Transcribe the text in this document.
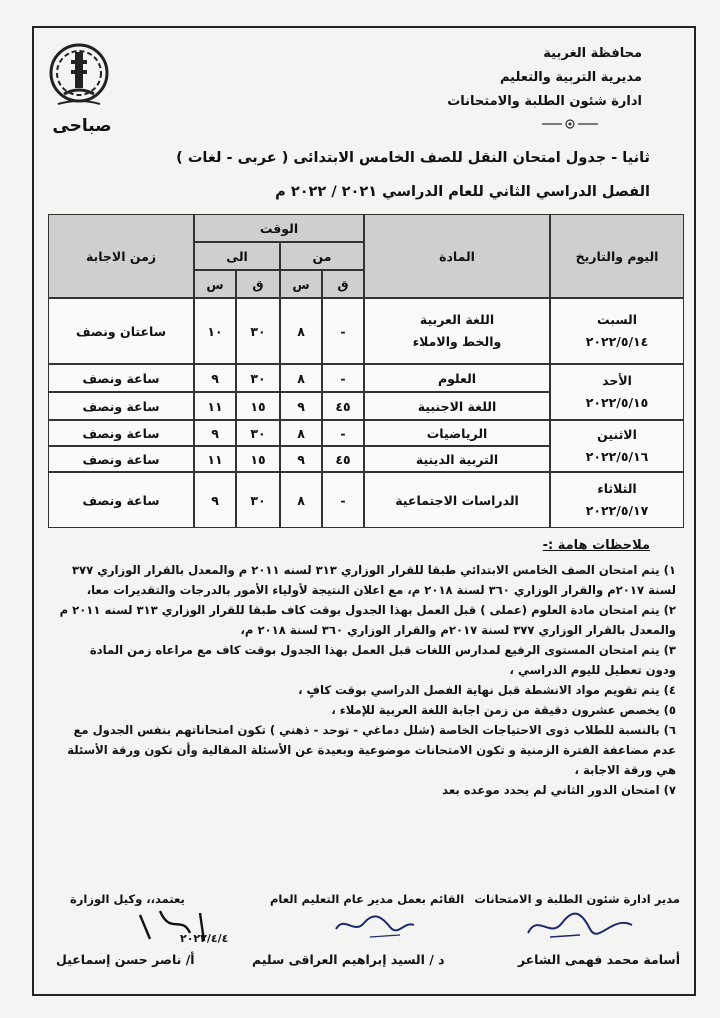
صباحى
محافظة الغربية
مديرية التربية والتعليم
ادارة شئون الطلبة والامتحانات
ثانيا - جدول امتحان النقل للصف الخامس الابتدائى ( عربى - لغات )
الفصل الدراسي الثاني للعام الدراسي ٢٠٢١ / ٢٠٢٢ م
اليوم والتاريخ
المادة
الوقت
من
الى
ق
س
ق
س
زمن الاجابة
السبت
٢٠٢٢/٥/١٤
الأحد
٢٠٢٢/٥/١٥
الاثنين
٢٠٢٢/٥/١٦
الثلاثاء
٢٠٢٢/٥/١٧
اللغة العربية
والخط والاملاء
-
٨
٣٠
١٠
ساعتان ونصف
العلوم
-
٨
٣٠
٩
ساعة ونصف
اللغة الاجنبية
٤٥
٩
١٥
١١
ساعة ونصف
الرياضيات
-
٨
٣٠
٩
ساعة ونصف
التربية الدينية
٤٥
٩
١٥
١١
ساعة ونصف
الدراسات الاجتماعية
-
٨
٣٠
٩
ساعة ونصف
ملاحظات هامة :-

١) يتم امتحان الصف الخامس الابتدائي طبقا للقرار الوزاري ٣١٣ لسنه ٢٠١١ م والمعدل بالقرار الوزاري ٣٧٧ لسنة ٢٠١٧م والقرار الوزاري ٣٦٠ لسنة ٢٠١٨ م، مع اعلان النتيجة لأولياء الأمور بالدرجات والتقديرات معا،

٢) يتم امتحان مادة العلوم (عملى ) قبل العمل بهذا الجدول بوقت كاف طبقا للقرار الوزاري ٣١٣ لسنه ٢٠١١ م والمعدل بالقرار الوزاري ٣٧٧ لسنة ٢٠١٧م والقرار الوزاري ٣٦٠ لسنة ٢٠١٨ م،

٣) يتم امتحان المستوى الرفيع لمدارس اللغات قبل العمل بهذا الجدول بوقت كاف مع مراعاه زمن المادة ودون تعطيل لليوم الدراسي ،

٤) يتم تقويم مواد الانشطة قبل نهاية الفصل الدراسي بوقت كافٍ ،

٥) يخصص عشرون دقيقة من زمن اجابة اللغة العربية للإملاء ،

٦) بالنسبة للطلاب ذوى الاحتياجات الخاصة (شلل دماغي - توحد - ذهني ) تكون امتحاناتهم بنفس الجدول مع عدم مضاعفة الفترة الزمنية و تكون الامتحانات موضوعية وبعيدة عن الأسئلة المقالية وأن تكون ورقة الأسئلة هي ورقة الاجابة ،

٧) امتحان الدور الثاني لم يحدد موعده بعد

مدير ادارة شئون الطلبة و الامتحانات
القائم بعمل مدير عام التعليم العام
يعتمد،، وكيل الوزارة
٢٠٢٢/٤/٤
أسامة محمد فهمى الشاعر
د / السيد إبراهيم العراقى سليم
أ/ ناصر حسن إسماعيل
